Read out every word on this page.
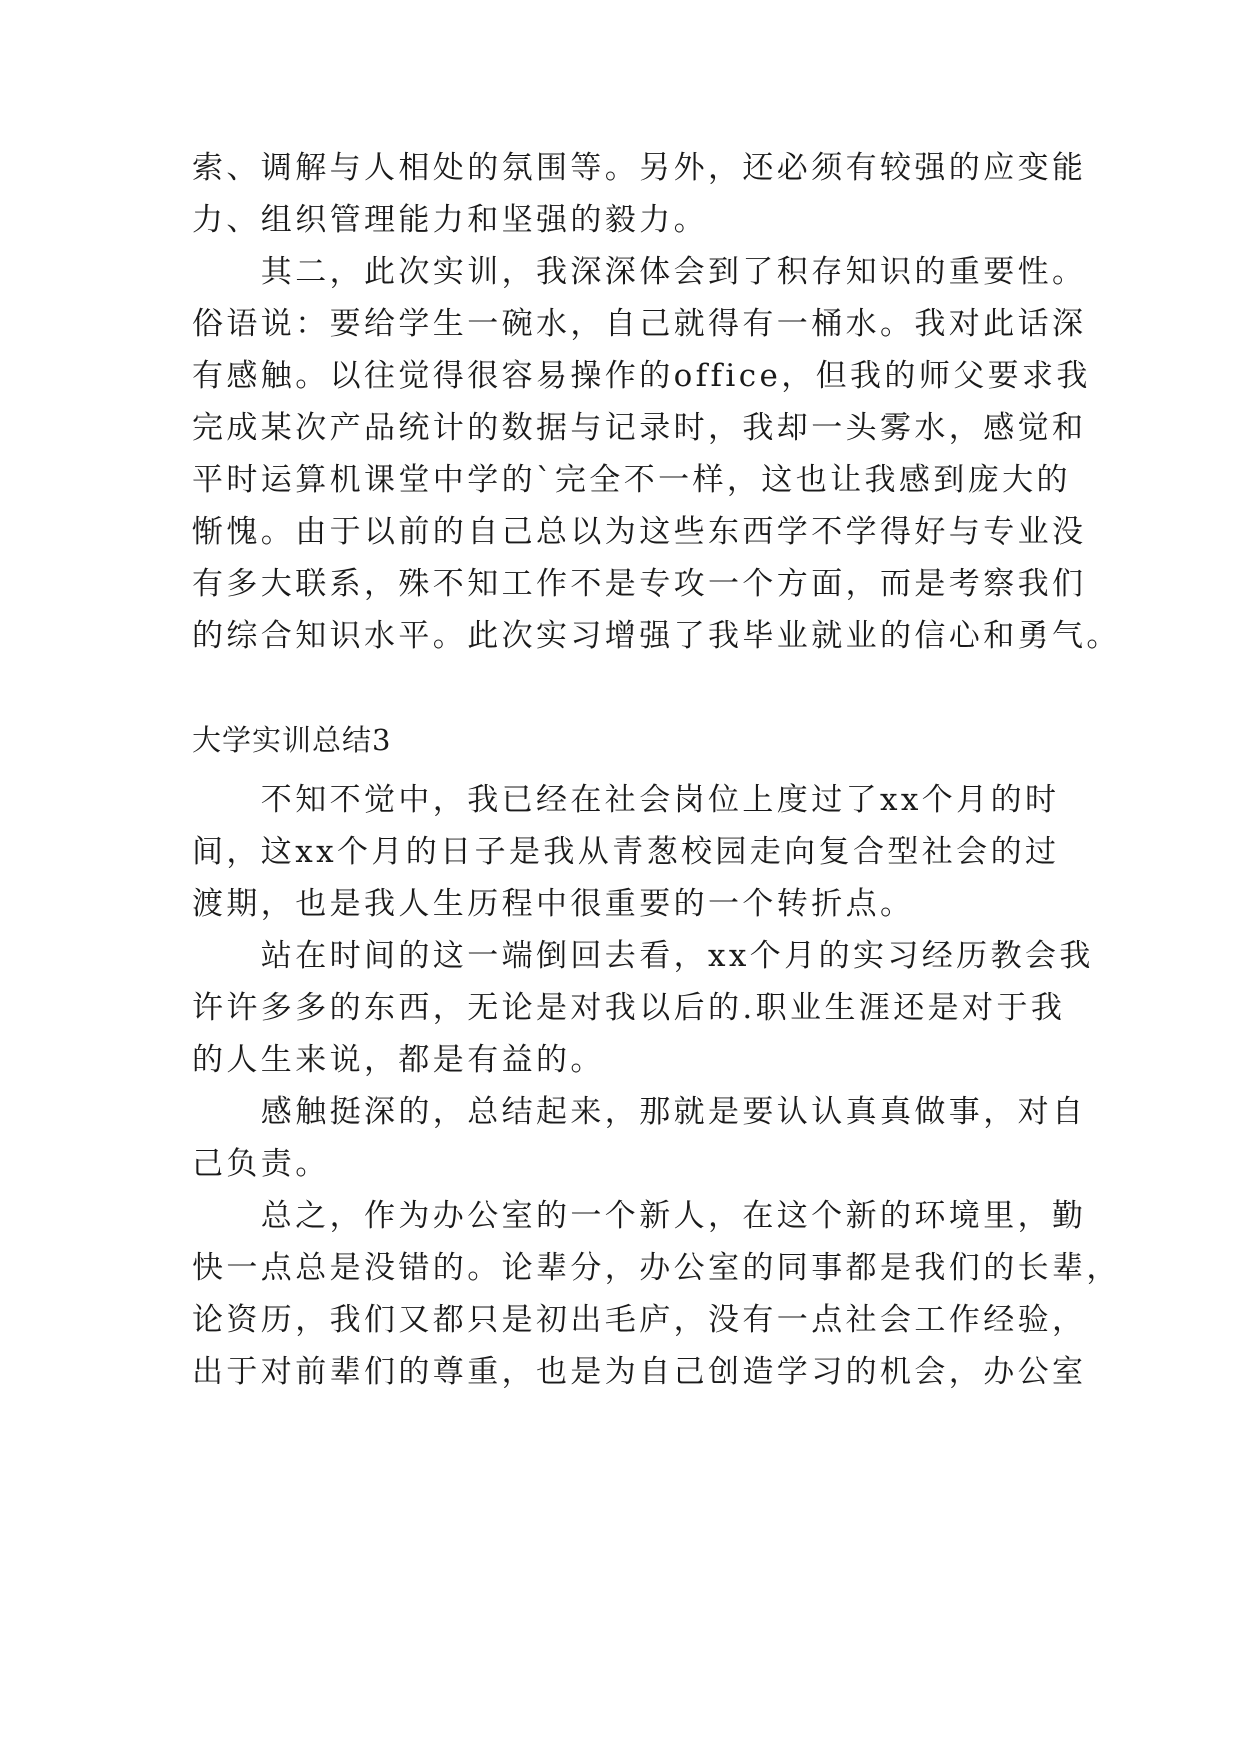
索、调解与人相处的氛围等。另外，还必须有较强的应变能
力、组织管理能力和坚强的毅力。
　　其二，此次实训，我深深体会到了积存知识的重要性。
俗语说：要给学生一碗水，自己就得有一桶水。我对此话深
有感触。以往觉得很容易操作的office，但我的师父要求我
完成某次产品统计的数据与记录时，我却一头雾水，感觉和
平时运算机课堂中学的`完全不一样，这也让我感到庞大的
惭愧。由于以前的自己总以为这些东西学不学得好与专业没
有多大联系，殊不知工作不是专攻一个方面，而是考察我们
的综合知识水平。此次实习增强了我毕业就业的信心和勇气。
大学实训总结3
　　不知不觉中，我已经在社会岗位上度过了xx个月的时
间，这xx个月的日子是我从青葱校园走向复合型社会的过
渡期，也是我人生历程中很重要的一个转折点。
　　站在时间的这一端倒回去看，xx个月的实习经历教会我
许许多多的东西，无论是对我以后的.职业生涯还是对于我
的人生来说，都是有益的。
　　感触挺深的，总结起来，那就是要认认真真做事，对自
己负责。
　　总之，作为办公室的一个新人，在这个新的环境里，勤
快一点总是没错的。论辈分，办公室的同事都是我们的长辈，
论资历，我们又都只是初出毛庐，没有一点社会工作经验，
出于对前辈们的尊重，也是为自己创造学习的机会，办公室
